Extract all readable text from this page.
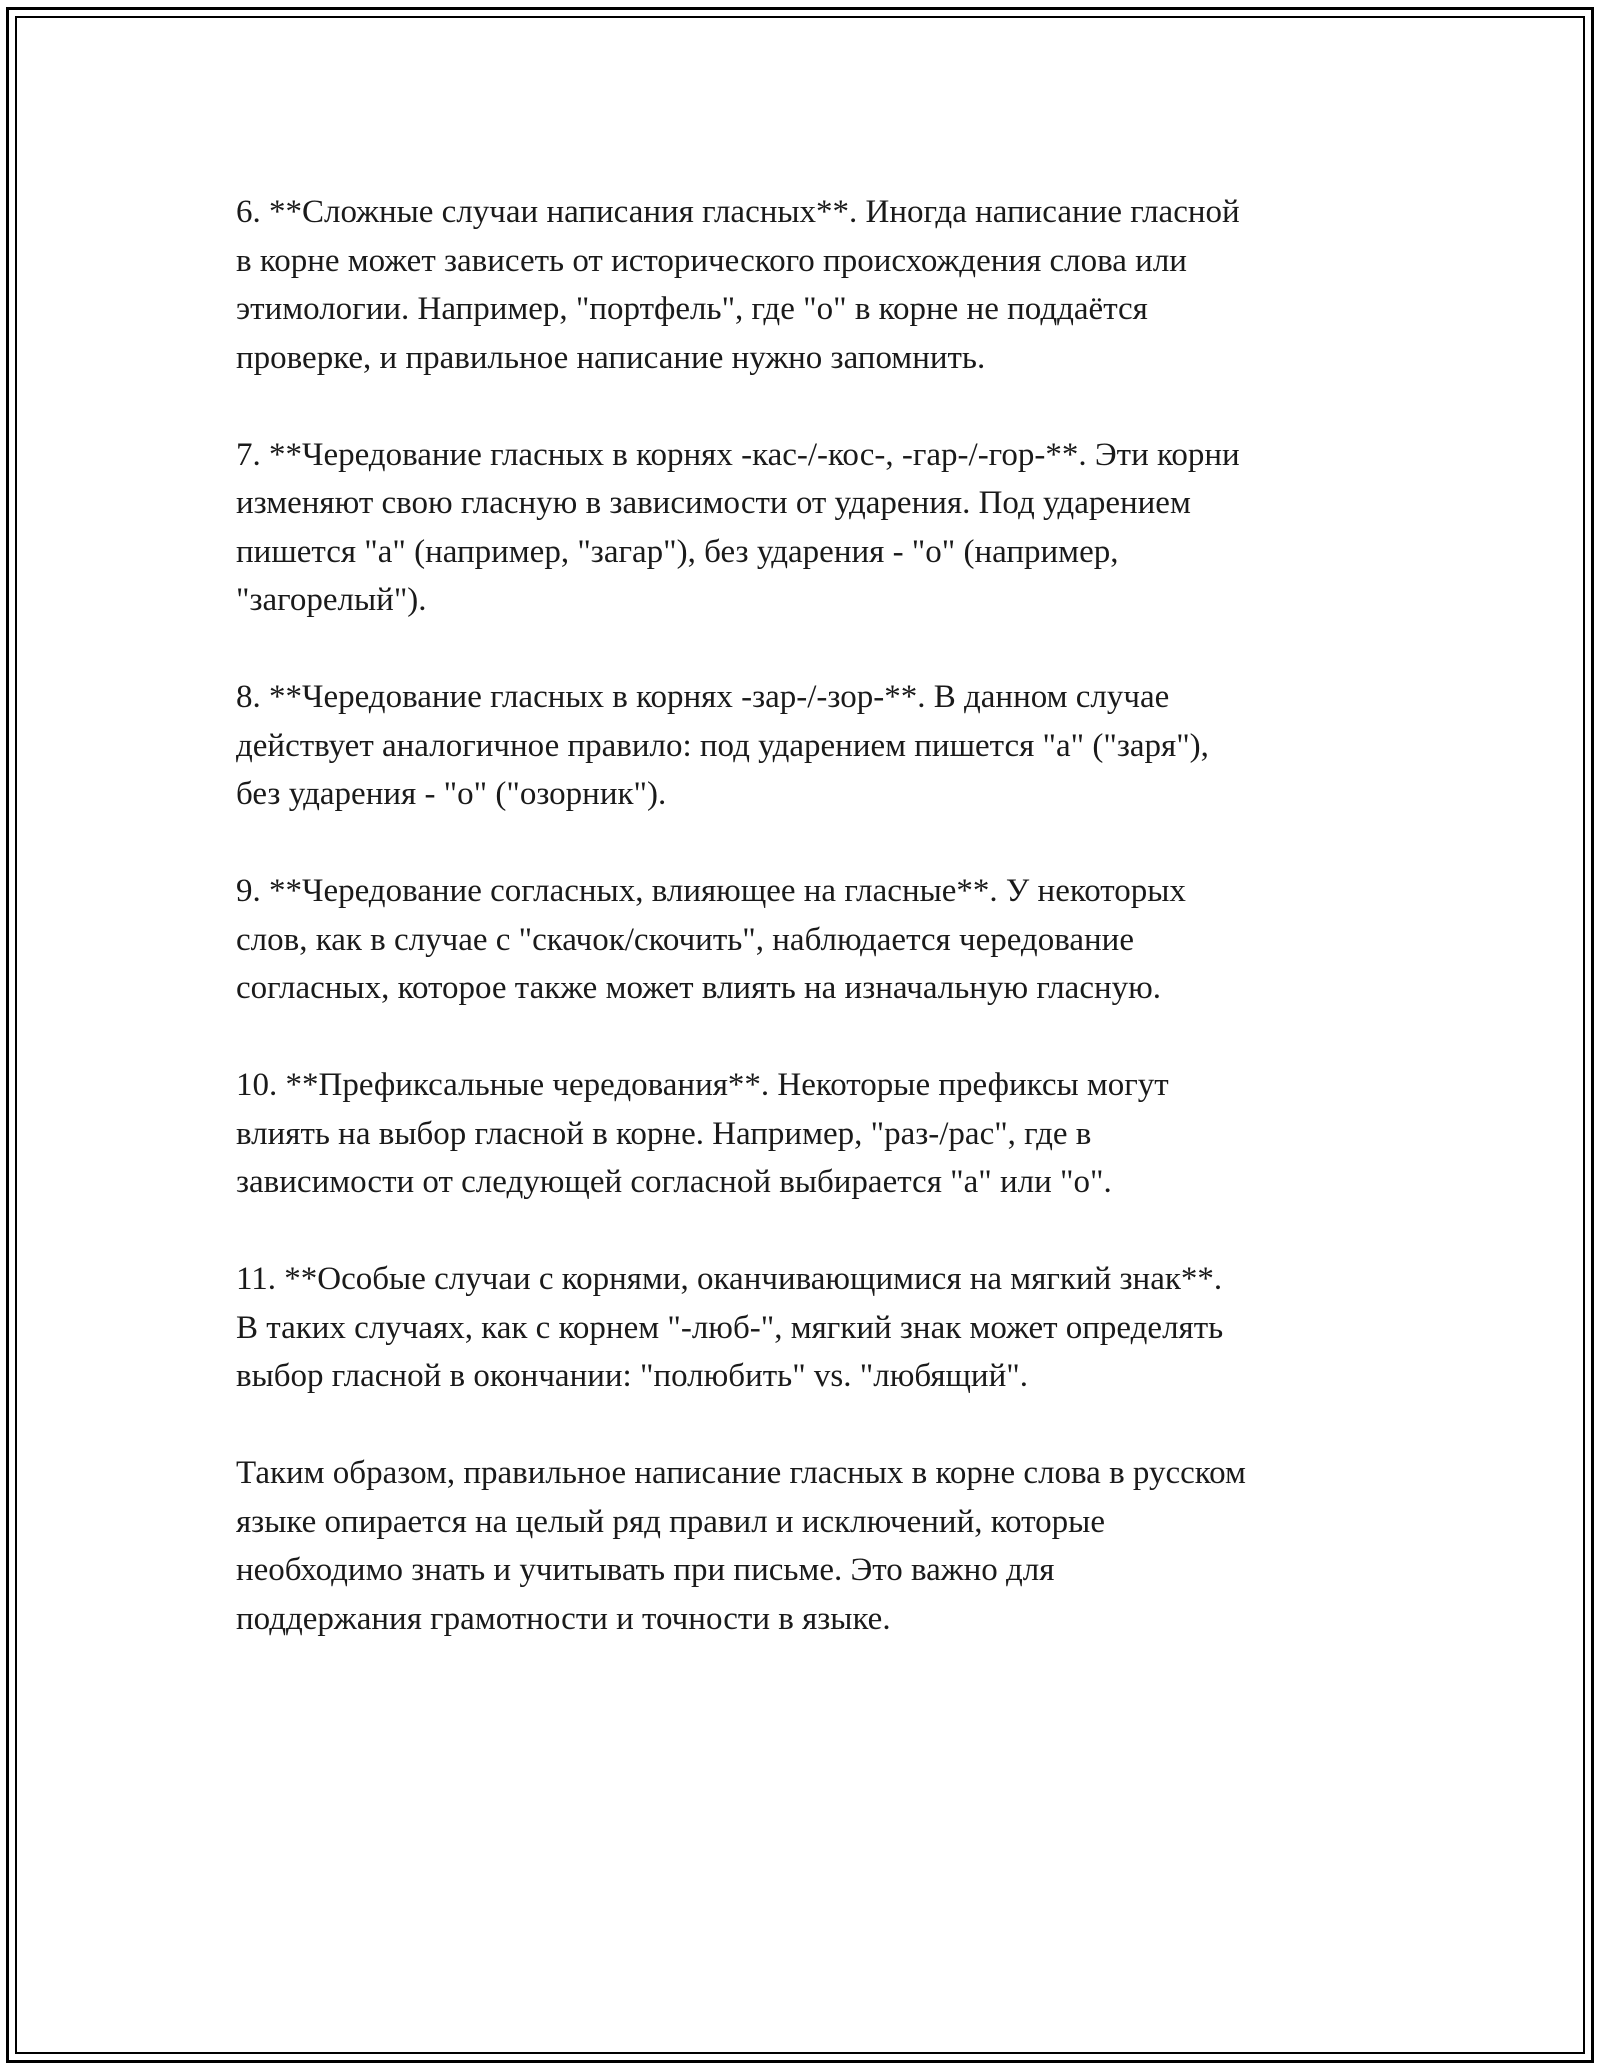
6. **Сложные случаи написания гласных**. Иногда написание гласной
в корне может зависеть от исторического происхождения слова или
этимологии. Например, "портфель", где "о" в корне не поддаётся
проверке, и правильное написание нужно запомнить.

7. **Чередование гласных в корнях -кас-/-кос-, -гар-/-гор-**. Эти корни
изменяют свою гласную в зависимости от ударения. Под ударением
пишется "а" (например, "загар"), без ударения - "о" (например,
"загорелый").

8. **Чередование гласных в корнях -зар-/-зор-**. В данном случае
действует аналогичное правило: под ударением пишется "а" ("заря"),
без ударения - "о" ("озорник").

9. **Чередование согласных, влияющее на гласные**. У некоторых
слов, как в случае с "скачок/скочить", наблюдается чередование
согласных, которое также может влиять на изначальную гласную.

10. **Префиксальные чередования**. Некоторые префиксы могут
влиять на выбор гласной в корне. Например, "раз-/рас", где в
зависимости от следующей согласной выбирается "а" или "о".

11. **Особые случаи с корнями, оканчивающимися на мягкий знак**.
В таких случаях, как с корнем "-люб-", мягкий знак может определять
выбор гласной в окончании: "полюбить" vs. "любящий".

Таким образом, правильное написание гласных в корне слова в русском
языке опирается на целый ряд правил и исключений, которые
необходимо знать и учитывать при письме. Это важно для
поддержания грамотности и точности в языке.
